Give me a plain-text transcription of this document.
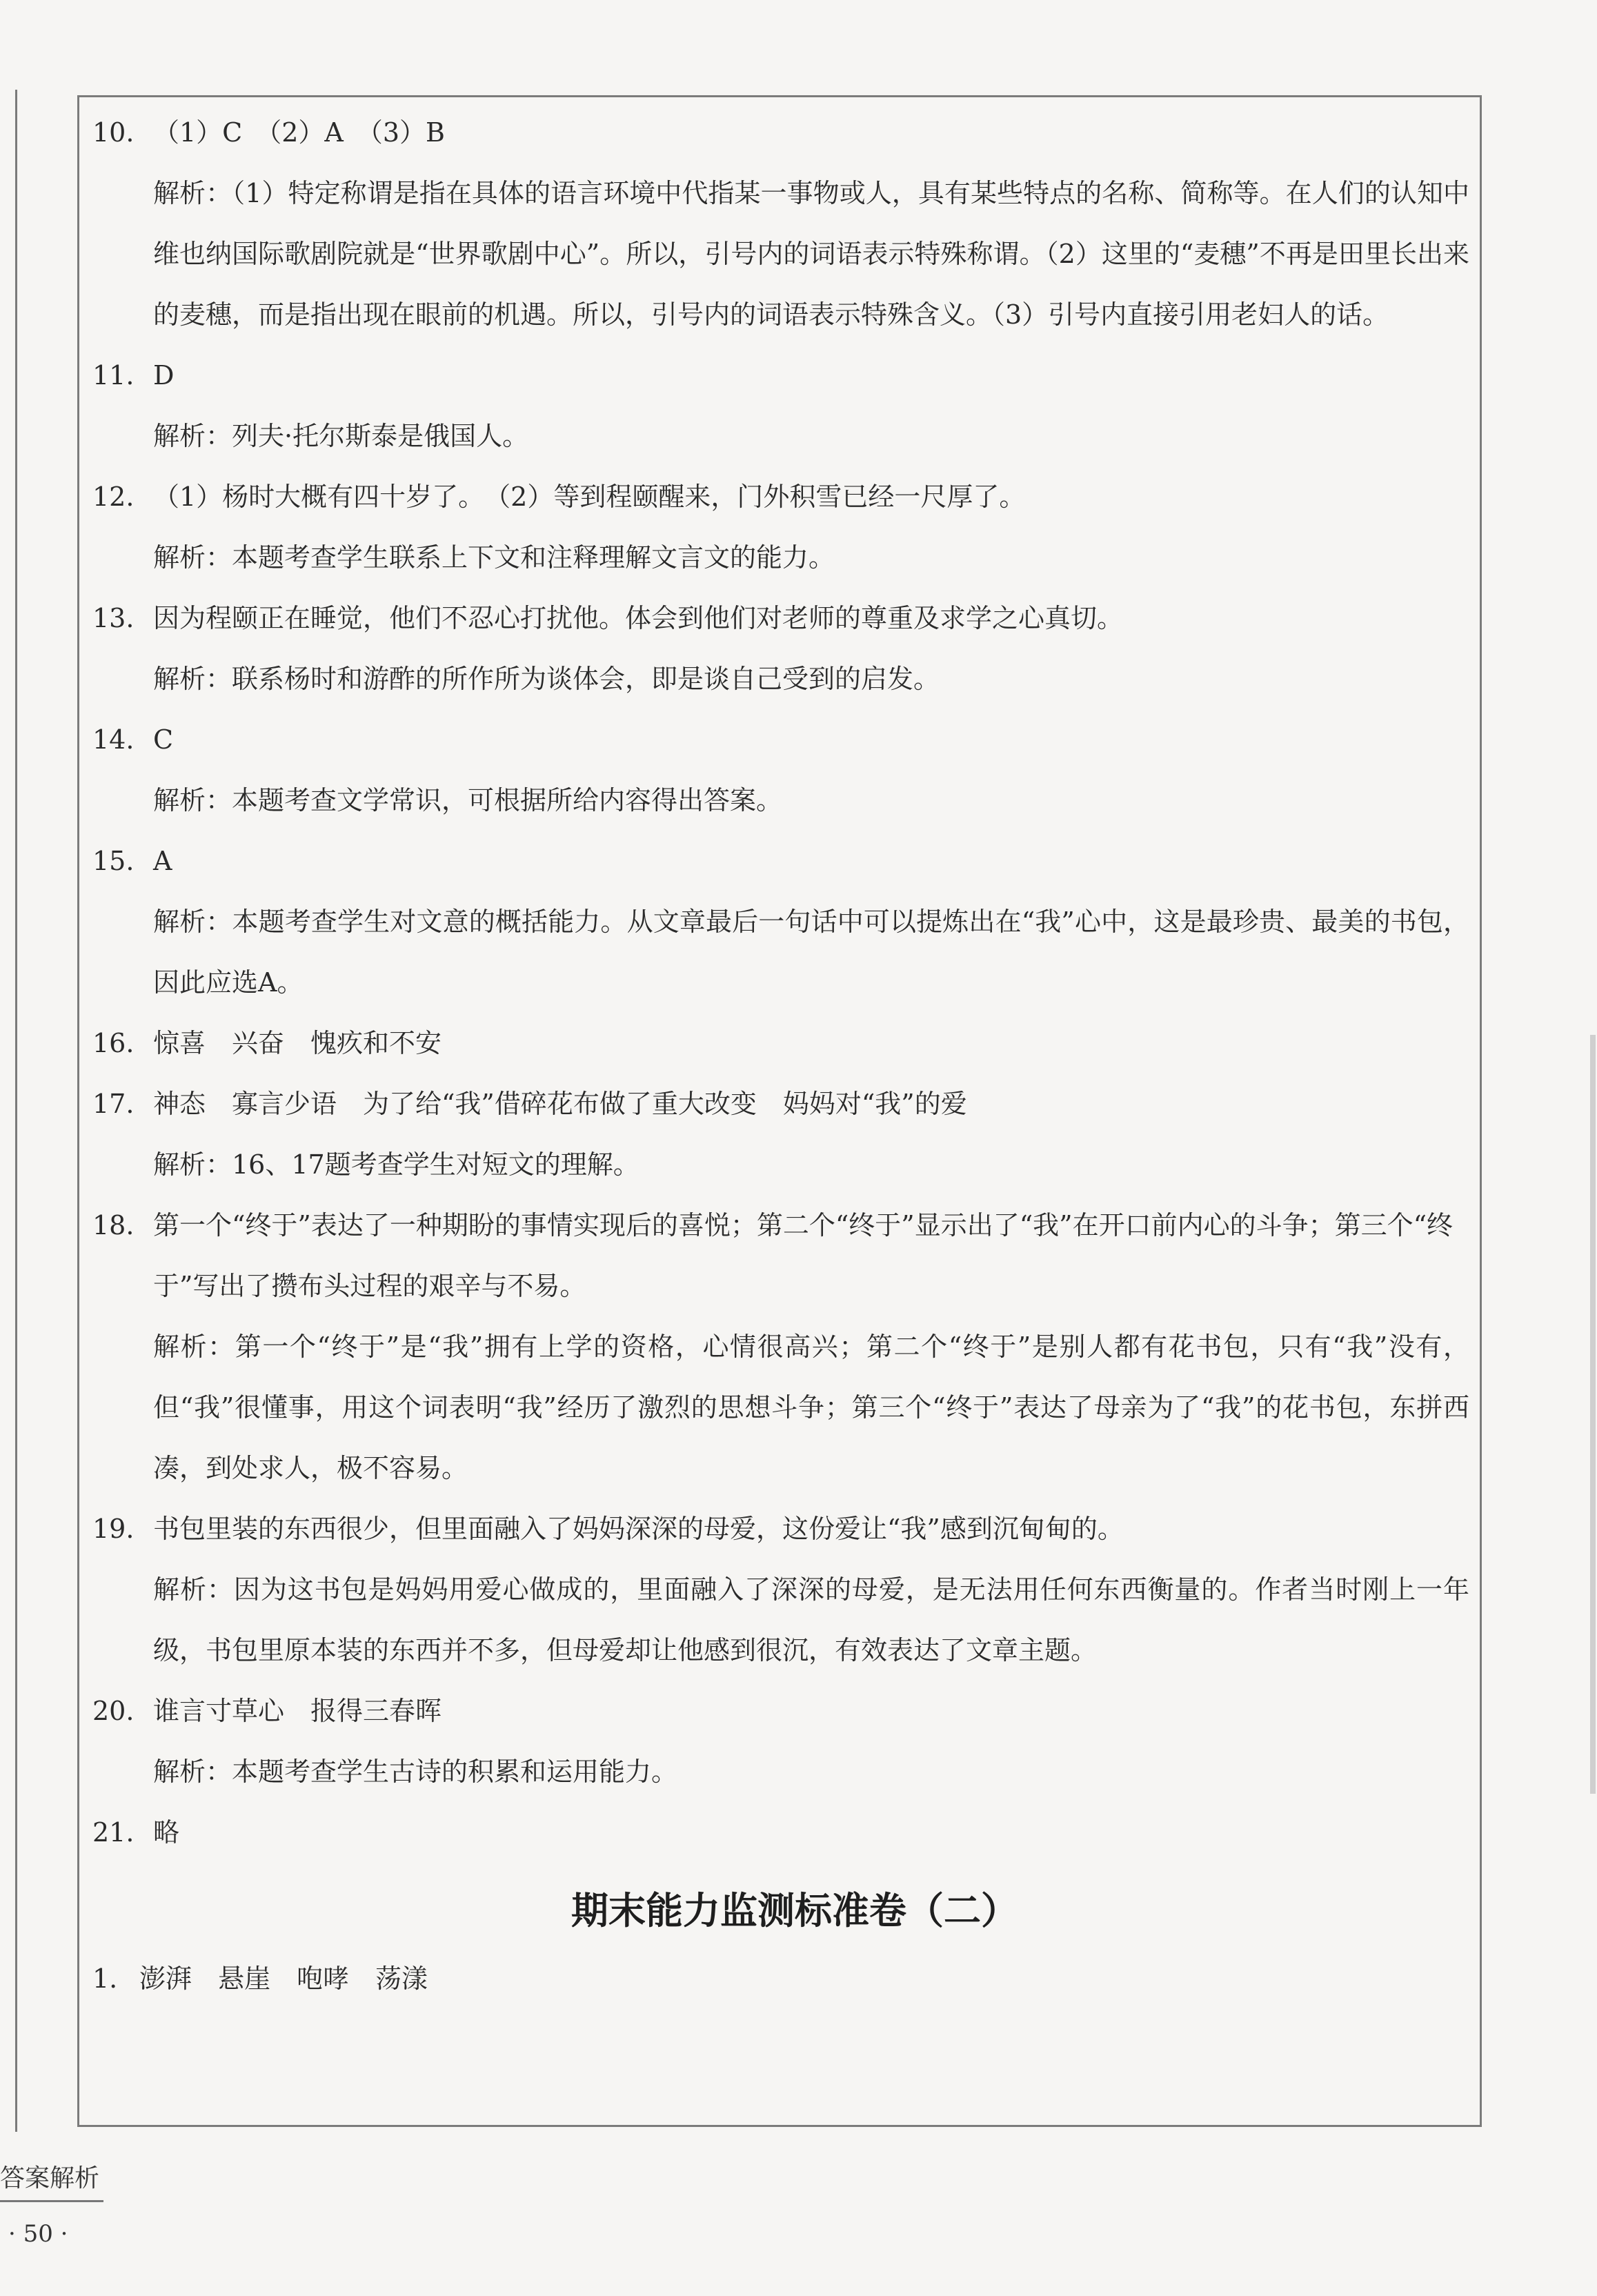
10. （1）C　（2）A　（3）B
解析：（1）特定称谓是指在具体的语言环境中代指某一事物或人，具有某些特点的名称、简称等。在人们的认知中维也纳国际歌剧院就是“世界歌剧中心”。所以，引号内的词语表示特殊称谓。（2）这里的“麦穗”不再是田里长出来的麦穗，而是指出现在眼前的机遇。所以，引号内的词语表示特殊含义。（3）引号内直接引用老妇人的话。
11. D
解析：列夫·托尔斯泰是俄国人。
12. （1）杨时大概有四十岁了。　（2）等到程颐醒来，门外积雪已经一尺厚了。
解析：本题考查学生联系上下文和注释理解文言文的能力。
13. 因为程颐正在睡觉，他们不忍心打扰他。体会到他们对老师的尊重及求学之心真切。
解析：联系杨时和游酢的所作所为谈体会，即是谈自己受到的启发。
14. C
解析：本题考查文学常识，可根据所给内容得出答案。
15. A
解析：本题考查学生对文意的概括能力。从文章最后一句话中可以提炼出在“我”心中，这是最珍贵、最美的书包，因此应选A。
16. 惊喜　兴奋　愧疚和不安
17. 神态　寡言少语　为了给“我”借碎花布做了重大改变　妈妈对“我”的爱
解析：16、17题考查学生对短文的理解。
18. 第一个“终于”表达了一种期盼的事情实现后的喜悦；第二个“终于”显示出了“我”在开口前内心的斗争；第三个“终于”写出了攒布头过程的艰辛与不易。
解析：第一个“终于”是“我”拥有上学的资格，心情很高兴；第二个“终于”是别人都有花书包，只有“我”没有，但“我”很懂事，用这个词表明“我”经历了激烈的思想斗争；第三个“终于”表达了母亲为了“我”的花书包，东拼西凑，到处求人，极不容易。
19. 书包里装的东西很少，但里面融入了妈妈深深的母爱，这份爱让“我”感到沉甸甸的。
解析：因为这书包是妈妈用爱心做成的，里面融入了深深的母爱，是无法用任何东西衡量的。作者当时刚上一年级，书包里原本装的东西并不多，但母爱却让他感到很沉，有效表达了文章主题。
20. 谁言寸草心　报得三春晖
解析：本题考查学生古诗的积累和运用能力。
21. 略
期末能力监测标准卷（二）
1. 澎湃　悬崖　咆哮　荡漾
答案解析
· 50 ·
